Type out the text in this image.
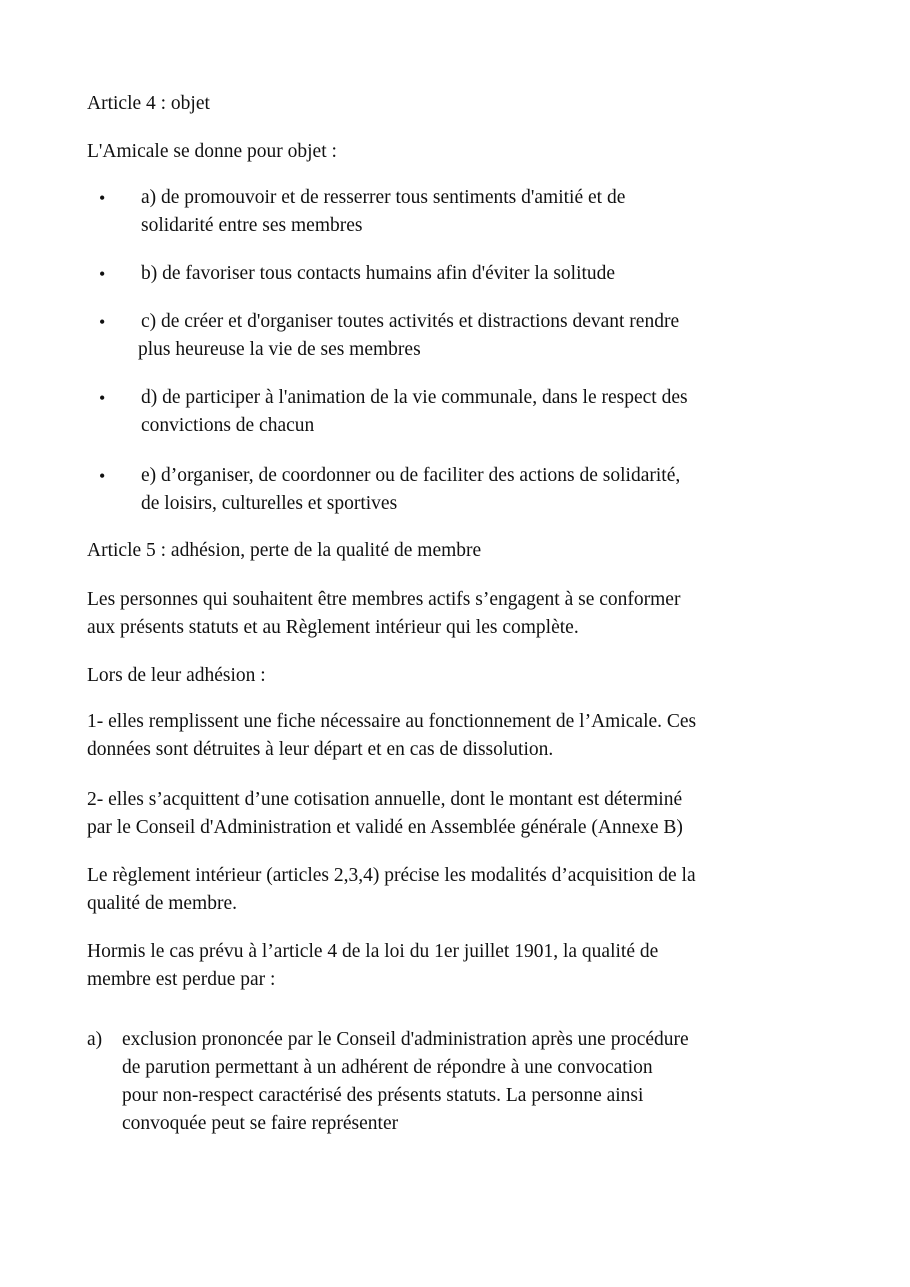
Article 4 : objet
L'Amicale se donne pour objet :
•	a) de promouvoir et de resserrer tous sentiments d'amitié et de
solidarité entre ses membres
•	b) de favoriser tous contacts humains afin d'éviter la solitude
•	c) de créer et d'organiser toutes activités et distractions devant rendre
plus heureuse la vie de ses membres
•	d) de participer à l'animation de la vie communale, dans le respect des
convictions de chacun
•	e) d’organiser, de coordonner ou de faciliter des actions de solidarité,
de loisirs, culturelles et sportives
Article 5 : adhésion, perte de la qualité de membre
Les personnes qui souhaitent être membres actifs s’engagent à se conformer
aux présents statuts et au Règlement intérieur qui les complète.
Lors de leur adhésion :
1- elles remplissent une fiche nécessaire au fonctionnement de l’Amicale. Ces
données sont détruites à leur départ et en cas de dissolution.
2- elles s’acquittent d’une cotisation annuelle, dont le montant est déterminé
par le Conseil d'Administration et validé en Assemblée générale (Annexe B)
Le règlement intérieur (articles 2,3,4) précise les modalités d’acquisition de la
qualité de membre.
Hormis le cas prévu à l’article 4 de la loi du 1er juillet 1901, la qualité de
membre est perdue par :
a) exclusion prononcée par le Conseil d'administration après une procédure
de parution permettant à un adhérent de répondre à une convocation
pour non-respect caractérisé des présents statuts. La personne ainsi
convoquée peut se faire représenter
